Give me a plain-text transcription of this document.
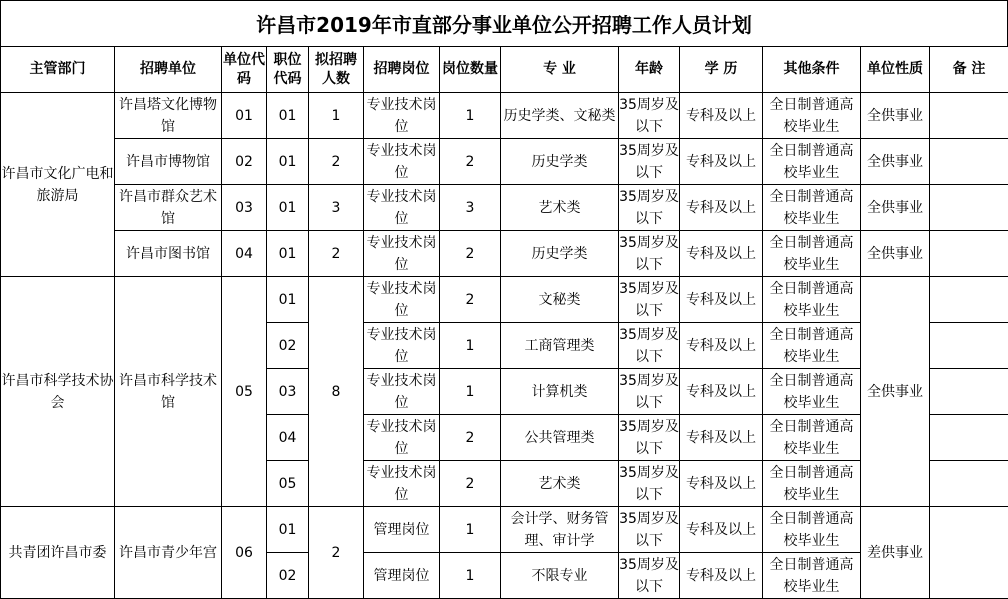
许昌市2019年市直部分事业单位公开招聘工作人员计划
主管部门	招聘单位	单位代码	职位代码	拟招聘人数	招聘岗位	岗位数量	专 业	年龄	学 历	其他条件	单位性质	备 注
许昌市文化广电和旅游局	许昌塔文化博物馆	01	01	1	专业技术岗位	1	历史学类、文秘类	35周岁及以下	专科及以上	全日制普通高校毕业生	全供事业	
	许昌市博物馆	02	01	2	专业技术岗位	2	历史学类	35周岁及以下	专科及以上	全日制普通高校毕业生	全供事业	
	许昌市群众艺术馆	03	01	3	专业技术岗位	3	艺术类	35周岁及以下	专科及以上	全日制普通高校毕业生	全供事业	
	许昌市图书馆	04	01	2	专业技术岗位	2	历史学类	35周岁及以下	专科及以上	全日制普通高校毕业生	全供事业	
许昌市科学技术协会	许昌市科学技术馆	05	01	8	专业技术岗位	2	文秘类	35周岁及以下	专科及以上	全日制普通高校毕业生	全供事业	
			02		专业技术岗位	1	工商管理类	35周岁及以下	专科及以上	全日制普通高校毕业生		
			03		专业技术岗位	1	计算机类	35周岁及以下	专科及以上	全日制普通高校毕业生		
			04		专业技术岗位	2	公共管理类	35周岁及以下	专科及以上	全日制普通高校毕业生		
			05		专业技术岗位	2	艺术类	35周岁及以下	专科及以上	全日制普通高校毕业生		
共青团许昌市委	许昌市青少年宫	06	01	2	管理岗位	1	会计学、财务管理、审计学	35周岁及以下	专科及以上	全日制普通高校毕业生	差供事业	
			02		管理岗位	1	不限专业	35周岁及以下	专科及以上	全日制普通高校毕业生		
